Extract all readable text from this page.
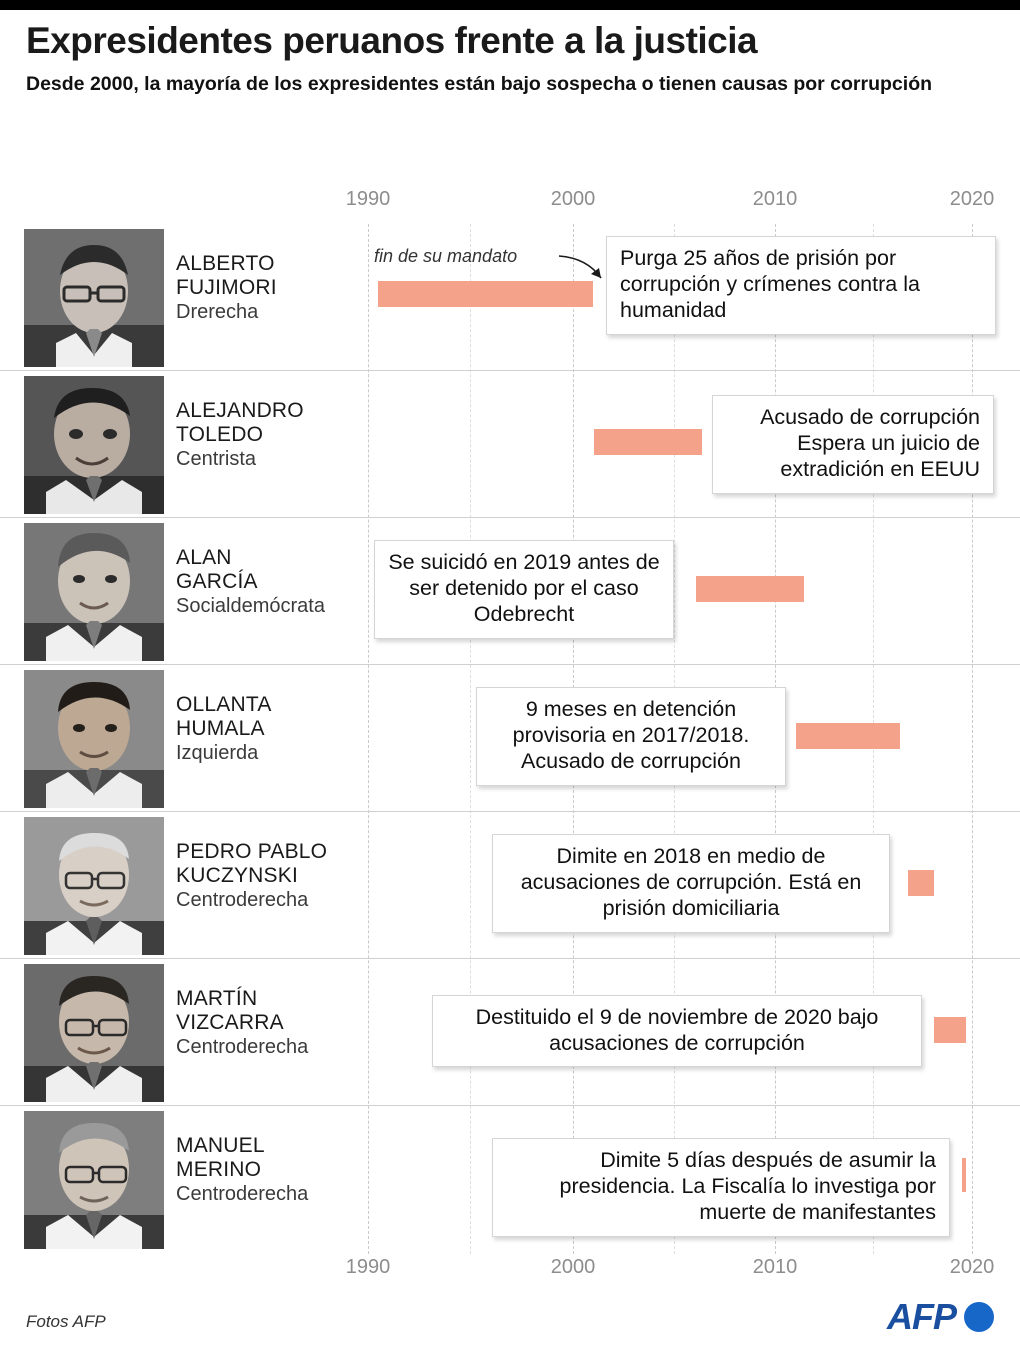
Expresidentes peruanos frente a la justicia

Desde 2000, la mayoría de los expresidentes están bajo sospecha o tienen causas por corrupción

1990	2000	2010	2020
ALBERTO
FUJIMORI
Drerecha
fin de su mandato	Purga 25 años de prisión por corrupción y crímenes contra la humanidad
ALEJANDRO
TOLEDO
Centrista
Acusado de corrupción Espera un juicio de extradición en EEUU
ALAN
GARCÍA
Socialdemócrata
Se suicidó en 2019 antes de ser detenido por el caso Odebrecht
OLLANTA
HUMALA
Izquierda
9 meses en detención provisoria en 2017/2018. Acusado de corrupción
PEDRO PABLO
KUCZYNSKI
Centroderecha
Dimite en 2018 en medio de acusaciones de corrupción. Está en prisión domiciliaria
MARTÍN
VIZCARRA
Centroderecha
Destituido el 9 de noviembre de 2020 bajo acusaciones de corrupción
MANUEL
MERINO
Centroderecha
Dimite 5 días después de asumir la presidencia. La Fiscalía lo investiga por muerte de manifestantes
1990	2000	2010	2020
Fotos AFP	AFP
